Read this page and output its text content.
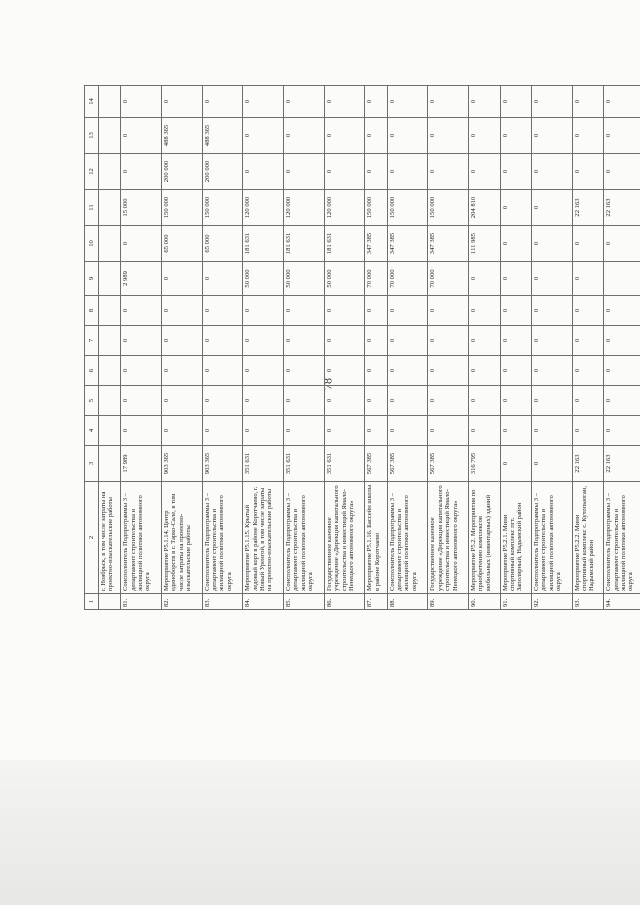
78
1	2	3	4	5	6	7	8	9	10	11	12	13	14
	г. Ноябрьск, в том числе затраты на проектно-изыскательские работы												
81.	Соисполнитель Подпрограммы 3 – департамент строительства и жилищной политики автономного округа	17 989	0	0	0	0	0	2 989	0	15 000	0	0	0
82.	Мероприятие Р5.1.14. Центр единоборств в г. Тарко-Сале, в том числе затраты на проектно-изыскательские работы	903 365	0	0	0	0	0	0	65 000	150 000	200 000	488 365	0
83.	Соисполнитель Подпрограммы 3 – департамент строительства и жилищной политики автономного округа	903 365	0	0	0	0	0	0	65 000	150 000	200 000	488 365	0
84.	Мероприятие Р5.1.15. Крытый ледовый корт в районе Коротчаево, г. Новый Уренгой, в том числе затраты на проектно-изыскательские работы	351 631	0	0	0	0	0	50 000	181 631	120 000	0	0	0
85.	Соисполнитель Подпрограммы 3 – департамент строительства и жилищной политики автономного округа	351 631	0	0	0	0	0	50 000	181 631	120 000	0	0	0
86.	Государственное казенное учреждение «Дирекция капитального строительства и инвестиций Ямало-Ненецкого автономного округа»	351 631	0	0	0	0	0	50 000	181 631	120 000	0	0	0
87.	Мероприятие Р5.1.16. Бассейн школы в районе Коротчаево	567 385	0	0	0	0	0	70 000	347 385	150 000	0	0	0
88.	Соисполнитель Подпрограммы 3 – департамент строительства и жилищной политики автономного округа	567 385	0	0	0	0	0	70 000	347 385	150 000	0	0	0
89.	Государственное казенное учреждение «Дирекция капитального строительства и инвестиций Ямало-Ненецкого автономного округа»	567 385	0	0	0	0	0	70 000	347 385	150 000	0	0	0
90.	Мероприятие Р5.2. Мероприятия по приобретению комплексов мобильных (инвентарных) зданий	316 795	0	0	0	0	0	0	111 985	204 810	0	0	0
91.	Мероприятие Р5.2.1. Мини спортивный комплекс пгт. Заполярный, Надымский район	0	0	0	0	0	0	0	0	0	0	0	0
92.	Соисполнитель Подпрограммы 3 – департамент строительства и жилищной политики автономного округа	0	0	0	0	0	0	0	0	0	0	0	0
93.	Мероприятие Р5.2.2. Мини спортивный комплекс с. Кутопьюган, Надымский район	22 163	0	0	0	0	0	0	0	22 163	0	0	0
94.	Соисполнитель Подпрограммы 3 – департамент строительства и жилищной политики автономного округа	22 163	0	0	0	0	0		0	22 163	0	0	0
